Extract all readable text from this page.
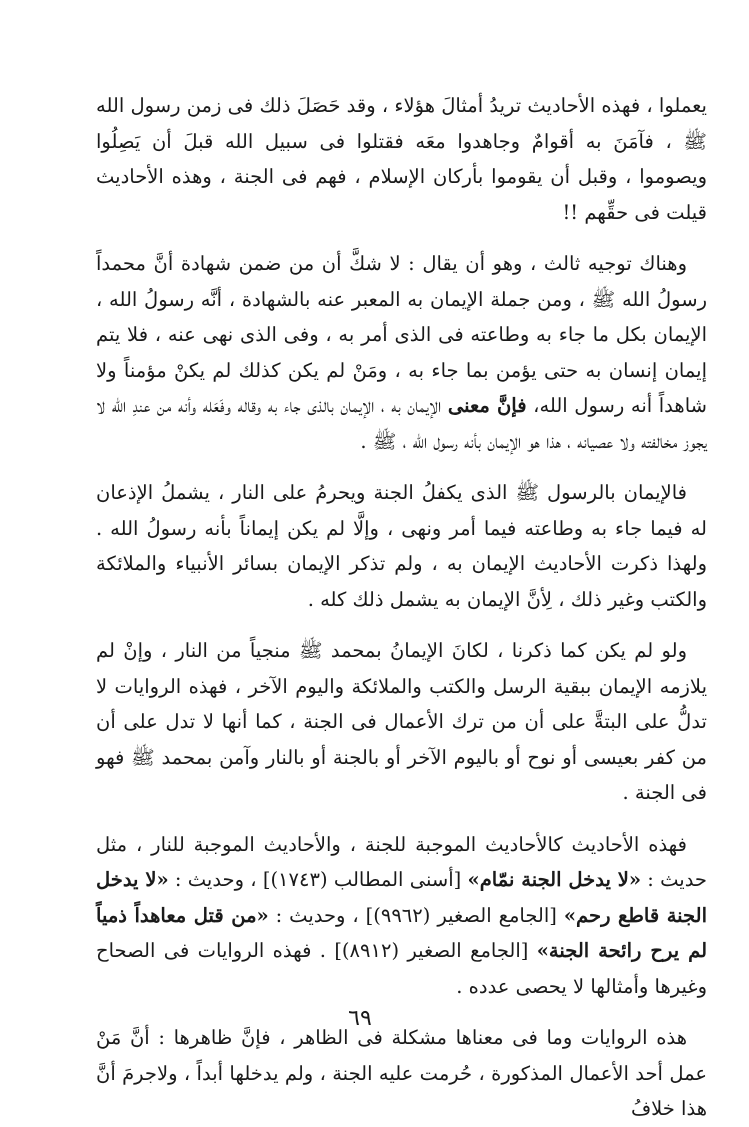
يعملوا ، فهذه الأحاديث تريدُ أمثالَ هؤلاء ، وقد حَصَلَ ذلك فى زمن رسول الله ﷺ ، فآمَنَ به أقوامٌ وجاهدوا معَه فقتلوا فى سبيل الله قبلَ أن يَصِلُوا ويصوموا ، وقبل أن يقوموا بأركان الإسلام ، فهم فى الجنة ، وهذه الأحاديث قيلت فى حقِّهم !!

وهناك توجيه ثالث ، وهو أن يقال : لا شكَّ أن من ضمن شهادة أنَّ محمداً رسولُ الله ﷺ ، ومن جملة الإيمان به المعبر عنه بالشهادة ، أنَّه رسولُ الله ، الإيمان بكل ما جاء به وطاعته فى الذى أمر به ، وفى الذى نهى عنه ، فلا يتم إيمان إنسان به حتى يؤمن بما جاء به ، ومَنْ لم يكن كذلك لم يكنْ مؤمناً ولا شاهداً أنه رسول الله، فإنَّ معنى الإيمان به ، الإيمان بالذى جاء به وقاله وفَعَله وأنه من عندِ الله لا يجوز مخالفته ولا عصيانه ، هذا هو الإيمان بأنه رسول الله ، ﷺ .

فالإيمان بالرسول ﷺ الذى يكفلُ الجنة ويحرمُ على النار ، يشملُ الإذعان له فيما جاء به وطاعته فيما أمر ونهى ، وإلَّا لم يكن إيماناً بأنه رسولُ الله . ولهذا ذكرت الأحاديث الإيمان به ، ولم تذكر الإيمان بسائر الأنبياء والملائكة والكتب وغير ذلك ، لِأنَّ الإيمان به يشمل ذلك كله .

ولو لم يكن كما ذكرنا ، لكانَ الإيمانُ بمحمد ﷺ منجياً من النار ، وإنْ لم يلازمه الإيمان ببقية الرسل والكتب والملائكة واليوم الآخر ، فهذه الروايات لا تدلُّ على البتةَّ على أن من ترك الأعمال فى الجنة ، كما أنها لا تدل على أن من كفر بعيسى أو نوح أو باليوم الآخر أو بالجنة أو بالنار وآمن بمحمد ﷺ فهو فى الجنة .

فهذه الأحاديث كالأحاديث الموجبة للجنة ، والأحاديث الموجبة للنار ، مثل حديث : «لا يدخل الجنة نمّام» [أسنى المطالب (١٧٤٣)] ، وحديث : «لا يدخل الجنة قاطع رحم» [الجامع الصغير (٩٩٦٢)] ، وحديث : «من قتل معاهداً ذمياً لم يرح رائحة الجنة» [الجامع الصغير (٨٩١٢)] . فهذه الروايات فى الصحاح وغيرها وأمثالها لا يحصى عدده .

هذه الروايات وما فى معناها مشكلة فى الظاهر ، فإنَّ ظاهرها : أنَّ مَنْ عمل أحد الأعمال المذكورة ، حُرمت عليه الجنة ، ولم يدخلها أبداً ، ولاجرمَ أنَّ هذا خلافُ

٦٩
